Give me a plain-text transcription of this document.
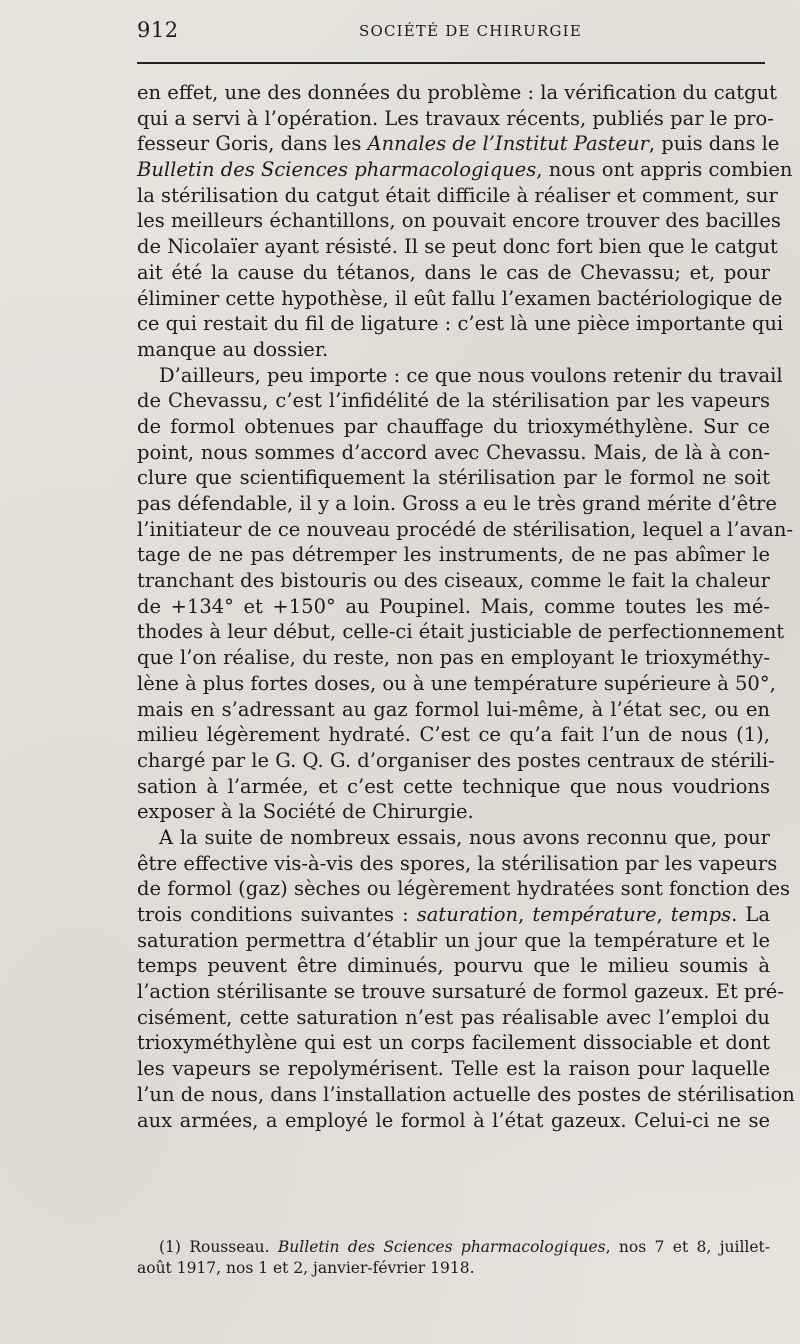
912	SOCIÉTÉ DE CHIRURGIE
en effet, une des données du problème : la vérification du catgut
qui a servi à l’opération. Les travaux récents, publiés par le pro-
fesseur Goris, dans les Annales de l’Institut Pasteur, puis dans le
Bulletin des Sciences pharmacologiques, nous ont appris combien
la stérilisation du catgut était difficile à réaliser et comment, sur
les meilleurs échantillons, on pouvait encore trouver des bacilles
de Nicolaïer ayant résisté. Il se peut donc fort bien que le catgut
ait été la cause du tétanos, dans le cas de Chevassu; et, pour
éliminer cette hypothèse, il eût fallu l’examen bactériologique de
ce qui restait du fil de ligature : c’est là une pièce importante qui
manque au dossier.
D’ailleurs, peu importe : ce que nous voulons retenir du travail
de Chevassu, c’est l’infidélité de la stérilisation par les vapeurs
de formol obtenues par chauffage du trioxyméthylène. Sur ce
point, nous sommes d’accord avec Chevassu. Mais, de là à con-
clure que scientifiquement la stérilisation par le formol ne soit
pas défendable, il y a loin. Gross a eu le très grand mérite d’être
l’initiateur de ce nouveau procédé de stérilisation, lequel a l’avan-
tage de ne pas détremper les instruments, de ne pas abîmer le
tranchant des bistouris ou des ciseaux, comme le fait la chaleur
de +134° et +150° au Poupinel. Mais, comme toutes les mé-
thodes à leur début, celle-ci était justiciable de perfectionnement
que l’on réalise, du reste, non pas en employant le trioxyméthy-
lène à plus fortes doses, ou à une température supérieure à 50°,
mais en s’adressant au gaz formol lui-même, à l’état sec, ou en
milieu légèrement hydraté. C’est ce qu’a fait l’un de nous (1),
chargé par le G. Q. G. d’organiser des postes centraux de stérili-
sation à l’armée, et c’est cette technique que nous voudrions
exposer à la Société de Chirurgie.
A la suite de nombreux essais, nous avons reconnu que, pour
être effective vis-à-vis des spores, la stérilisation par les vapeurs
de formol (gaz) sèches ou légèrement hydratées sont fonction des
trois conditions suivantes : saturation, température, temps. La
saturation permettra d’établir un jour que la température et le
temps peuvent être diminués, pourvu que le milieu soumis à
l’action stérilisante se trouve sursaturé de formol gazeux. Et pré-
cisément, cette saturation n’est pas réalisable avec l’emploi du
trioxyméthylène qui est un corps facilement dissociable et dont
les vapeurs se repolymérisent. Telle est la raison pour laquelle
l’un de nous, dans l’installation actuelle des postes de stérilisation
aux armées, a employé le formol à l’état gazeux. Celui-ci ne se
(1) Rousseau. Bulletin des Sciences pharmacologiques, nos 7 et 8, juillet-
août 1917, nos 1 et 2, janvier-février 1918.
